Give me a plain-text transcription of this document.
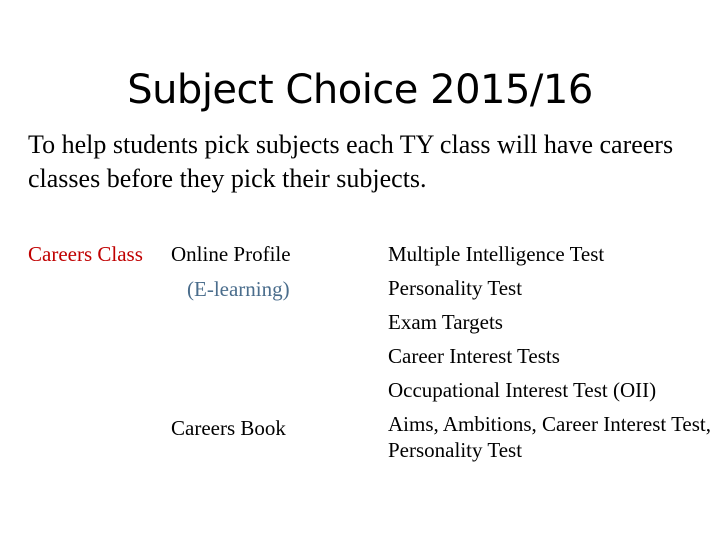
Subject Choice 2015/16
To help students pick subjects each TY class will have careers classes before they pick their subjects.
Careers Class Online Profile
(E-learning)
Careers Book
Multiple Intelligence Test
Personality Test
Exam Targets
Career Interest Tests
Occupational Interest Test (OII)
Aims, Ambitions, Career Interest Test, Personality Test
